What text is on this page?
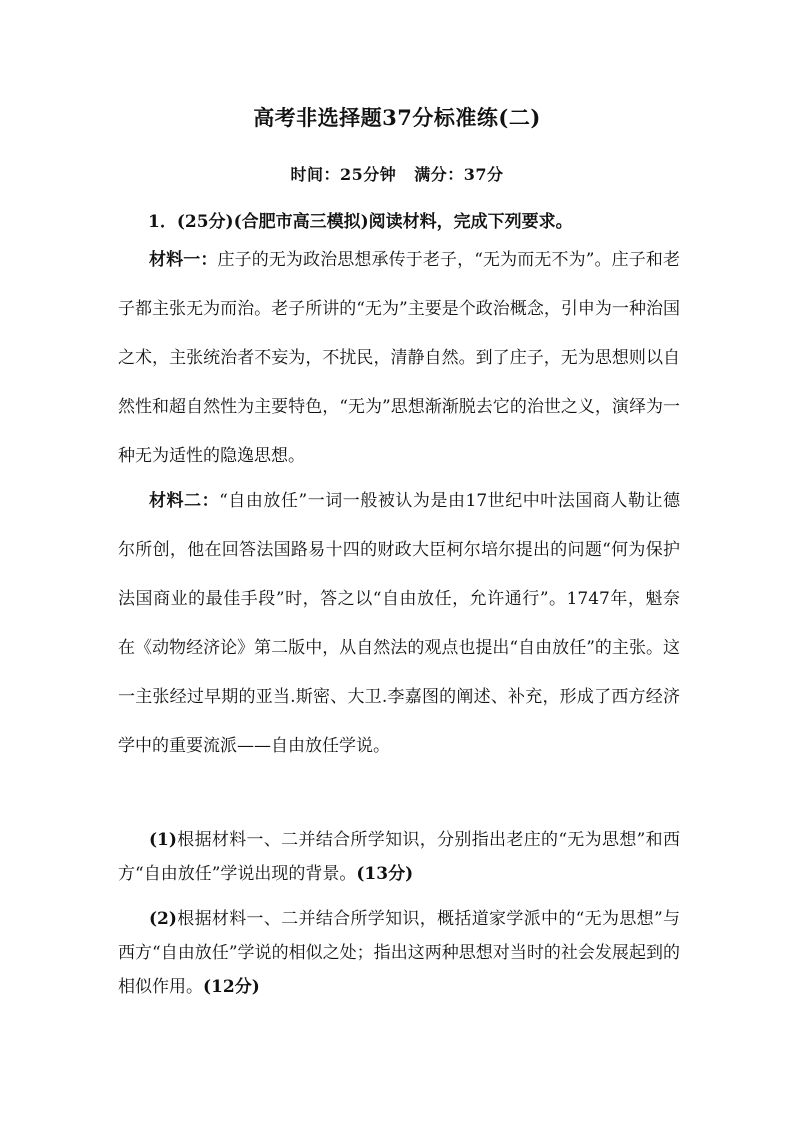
高考非选择题37分标准练(二)
时间：25分钟 满分：37分
1．(25分)(合肥市高三模拟)阅读材料，完成下列要求。
材料一：庄子的无为政治思想承传于老子，“无为而无不为”。庄子和老子都主张无为而治。老子所讲的“无为”主要是个政治概念，引申为一种治国之术，主张统治者不妄为，不扰民，清静自然。到了庄子，无为思想则以自然性和超自然性为主要特色，“无为”思想渐渐脱去它的治世之义，演绎为一种无为适性的隐逸思想。
材料二：“自由放任”一词一般被认为是由17世纪中叶法国商人勒让德尔所创，他在回答法国路易十四的财政大臣柯尔培尔提出的问题“何为保护法国商业的最佳手段”时，答之以“自由放任，允许通行”。1747年，魁奈在《动物经济论》第二版中，从自然法的观点也提出“自由放任”的主张。这一主张经过早期的亚当.斯密、大卫.李嘉图的阐述、补充，形成了西方经济学中的重要流派——自由放任学说。
(1)根据材料一、二并结合所学知识，分别指出老庄的“无为思想”和西方“自由放任”学说出现的背景。(13分)
(2)根据材料一、二并结合所学知识，概括道家学派中的“无为思想”与西方“自由放任”学说的相似之处；指出这两种思想对当时的社会发展起到的相似作用。(12分)
